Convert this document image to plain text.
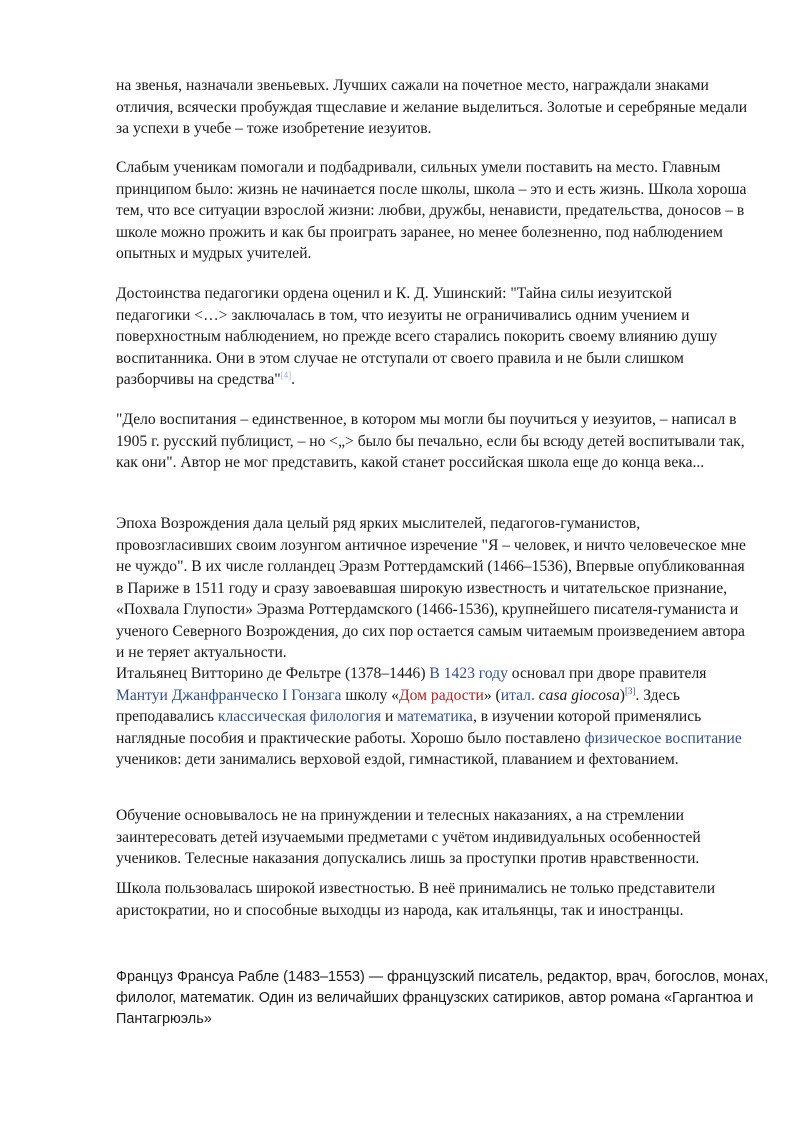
на звенья, назначали звеньевых. Лучших сажали на почетное место, награждали знаками отличия, всячески пробуждая тщеславие и желание выделиться. Золотые и серебряные медали за успехи в учебе – тоже изобретение иезуитов.

Слабым ученикам помогали и подбадривали, сильных умели поставить на место. Главным принципом было: жизнь не начинается после школы, школа – это и есть жизнь. Школа хороша тем, что все ситуации взрослой жизни: любви, дружбы, ненависти, предательства, доносов – в школе можно прожить и как бы проиграть заранее, но менее болезненно, под наблюдением опытных и мудрых учителей.

Достоинства педагогики ордена оценил и К. Д. Ушинский: "Тайна силы иезуитской педагогики <…> заключалась в том, что иезуиты не ограничивались одним учением и поверхностным наблюдением, но прежде всего старались покорить своему влиянию душу воспитанника. Они в этом случае не отступали от своего правила и не были слишком разборчивы на средства"[4].

"Дело воспитания – единственное, в котором мы могли бы поучиться у иезуитов, – написал в 1905 г. русский публицист, – но <„> было бы печально, если бы всюду детей воспитывали так, как они". Автор не мог представить, какой станет российская школа еще до конца века...

Эпоха Возрождения дала целый ряд ярких мыслителей, педагогов-гуманистов, провозгласивших своим лозунгом античное изречение "Я – человек, и ничто человеческое мне не чуждо". В их числе голландец Эразм Роттердамский (1466–1536), Впервые опубликованная в Париже в 1511 году и сразу завоевавшая широкую известность и читательское признание, «Похвала Глупости» Эразма Роттердамского (1466-1536), крупнейшего писателя-гуманиста и ученого Северного Возрождения, до сих пор остается самым читаемым произведением автора и не теряет актуальности.

Итальянец Витторино де Фельтре (1378–1446) В 1423 году основал при дворе правителя Мантуи Джанфранческо I Гонзага школу «Дом радости» (итал. casa giocosa)[3]. Здесь преподавались классическая филология и математика, в изучении которой применялись наглядные пособия и практические работы. Хорошо было поставлено физическое воспитание учеников: дети занимались верховой ездой, гимнастикой, плаванием и фехтованием.

Обучение основывалось не на принуждении и телесных наказаниях, а на стремлении заинтересовать детей изучаемыми предметами с учётом индивидуальных особенностей учеников. Телесные наказания допускались лишь за проступки против нравственности.

Школа пользовалась широкой известностью. В неё принимались не только представители аристократии, но и способные выходцы из народа, как итальянцы, так и иностранцы.

Француз Франсуа Рабле (1483–1553) — французский писатель, редактор, врач, богослов, монах, филолог, математик. Один из величайших французских сатириков, автор романа «Гаргантюа и Пантагрюэль»
